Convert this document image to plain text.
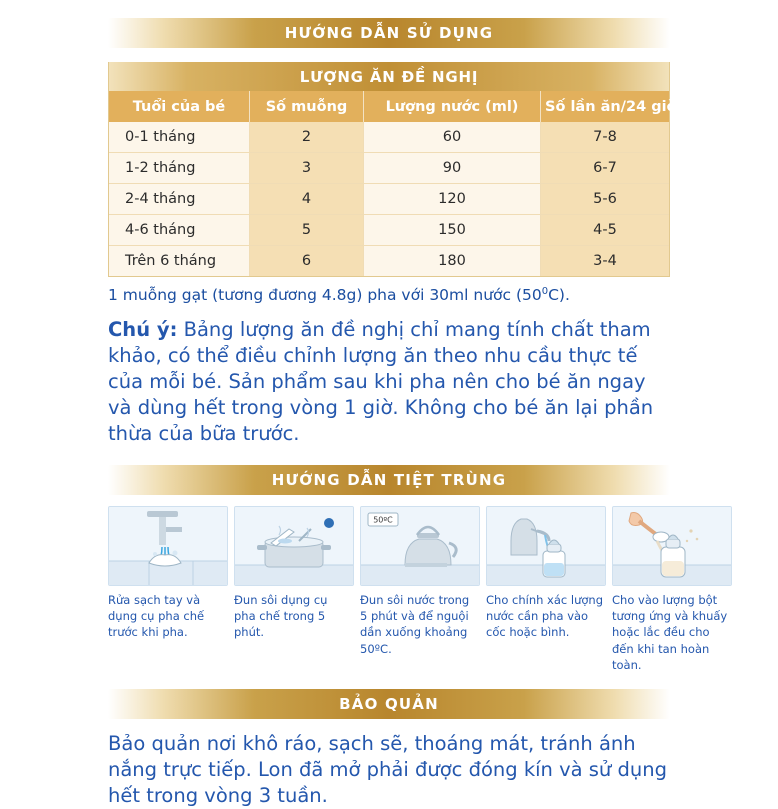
HƯỚNG DẪN SỬ DỤNG
LƯỢNG ĂN ĐỀ NGHỊ
Tuổi của bé	Số muỗng	Lượng nước (ml)	Số lần ăn/24 giờ
0-1 tháng	2	60	7-8
1-2 tháng	3	90	6-7
2-4 tháng	4	120	5-6
4-6 tháng	5	150	4-5
Trên 6 tháng	6	180	3-4
1 muỗng gạt (tương đương 4.8g) pha với 30ml nước $(50^0C)$.
Chú ý: Bảng lượng ăn đề nghị chỉ mang tính chất tham khảo, có thể điều chỉnh lượng ăn theo nhu cầu thực tế của mỗi bé. Sản phẩm sau khi pha nên cho bé ăn ngay và dùng hết trong vòng 1 giờ. Không cho bé ăn lại phần thừa của bữa trước.
HƯỚNG DẪN TIỆT TRÙNG
Rửa sạch tay và dụng cụ pha chế trước khi pha.
Đun sôi dụng cụ pha chế trong 5 phút.
50ºC
Đun sôi nước trong 5 phút và để nguội dần xuống khoảng 50ºC.
Cho chính xác lượng nước cần pha vào cốc hoặc bình.
Cho vào lượng bột tương ứng và khuấy hoặc lắc đều cho đến khi tan hoàn toàn.
BẢO QUẢN
Bảo quản nơi khô ráo, sạch sẽ, thoáng mát, tránh ánh nắng trực tiếp. Lon đã mở phải được đóng kín và sử dụng hết trong vòng 3 tuần.
